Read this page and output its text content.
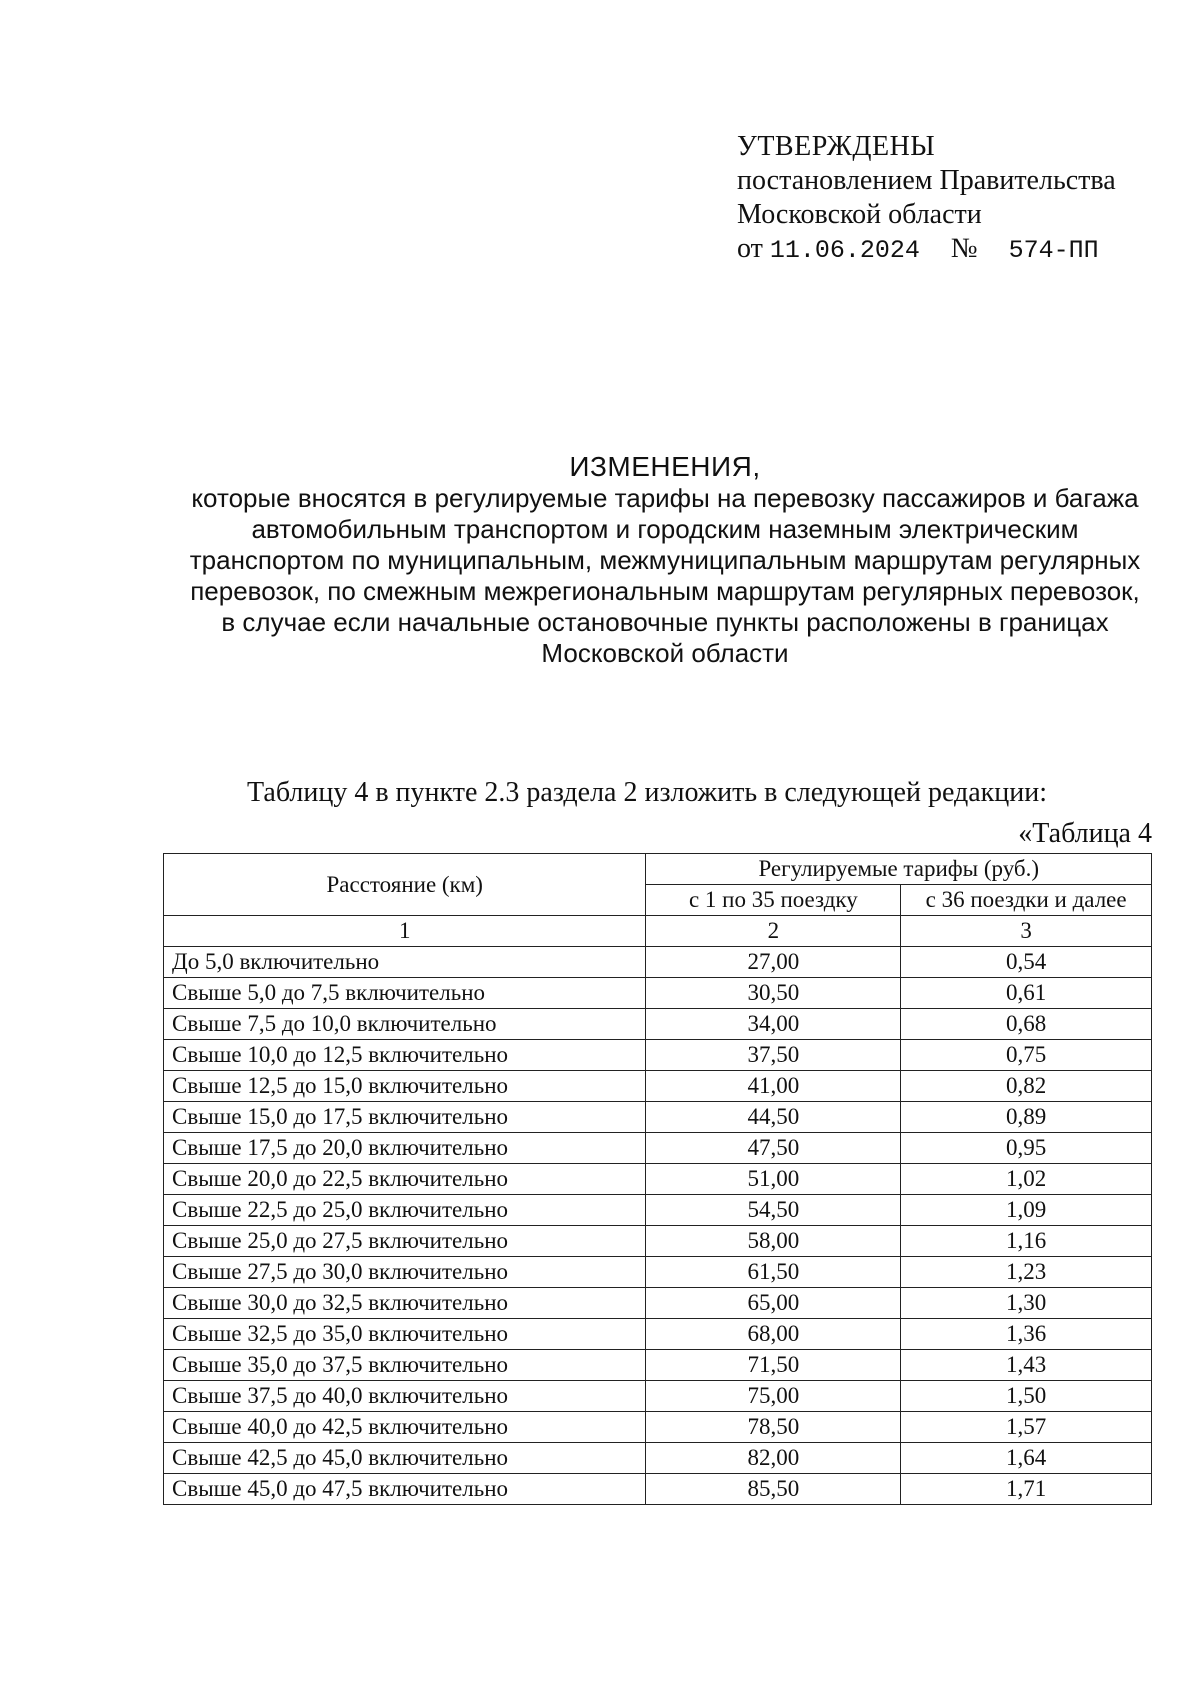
УТВЕРЖДЕНЫ
постановлением Правительства
Московской области
от 11.06.2024 № 574-ПП
ИЗМЕНЕНИЯ,
которые вносятся в регулируемые тарифы на перевозку пассажиров и багажа
автомобильным транспортом и городским наземным электрическим
транспортом по муниципальным, межмуниципальным маршрутам регулярных
перевозок, по смежным межрегиональным маршрутам регулярных перевозок,
в случае если начальные остановочные пункты расположены в границах
Московской области
Таблицу 4 в пункте 2.3 раздела 2 изложить в следующей редакции:
«Таблица 4
Расстояние (км)	Регулируемые тарифы (руб.)	
	с 1 по 35 поездку	с 36 поездки и далее
1	2	3
До 5,0 включительно	27,00	0,54
Свыше 5,0 до 7,5 включительно	30,50	0,61
Свыше 7,5 до 10,0 включительно	34,00	0,68
Свыше 10,0 до 12,5 включительно	37,50	0,75
Свыше 12,5 до 15,0 включительно	41,00	0,82
Свыше 15,0 до 17,5 включительно	44,50	0,89
Свыше 17,5 до 20,0 включительно	47,50	0,95
Свыше 20,0 до 22,5 включительно	51,00	1,02
Свыше 22,5 до 25,0 включительно	54,50	1,09
Свыше 25,0 до 27,5 включительно	58,00	1,16
Свыше 27,5 до 30,0 включительно	61,50	1,23
Свыше 30,0 до 32,5 включительно	65,00	1,30
Свыше 32,5 до 35,0 включительно	68,00	1,36
Свыше 35,0 до 37,5 включительно	71,50	1,43
Свыше 37,5 до 40,0 включительно	75,00	1,50
Свыше 40,0 до 42,5 включительно	78,50	1,57
Свыше 42,5 до 45,0 включительно	82,00	1,64
Свыше 45,0 до 47,5 включительно	85,50	1,71
